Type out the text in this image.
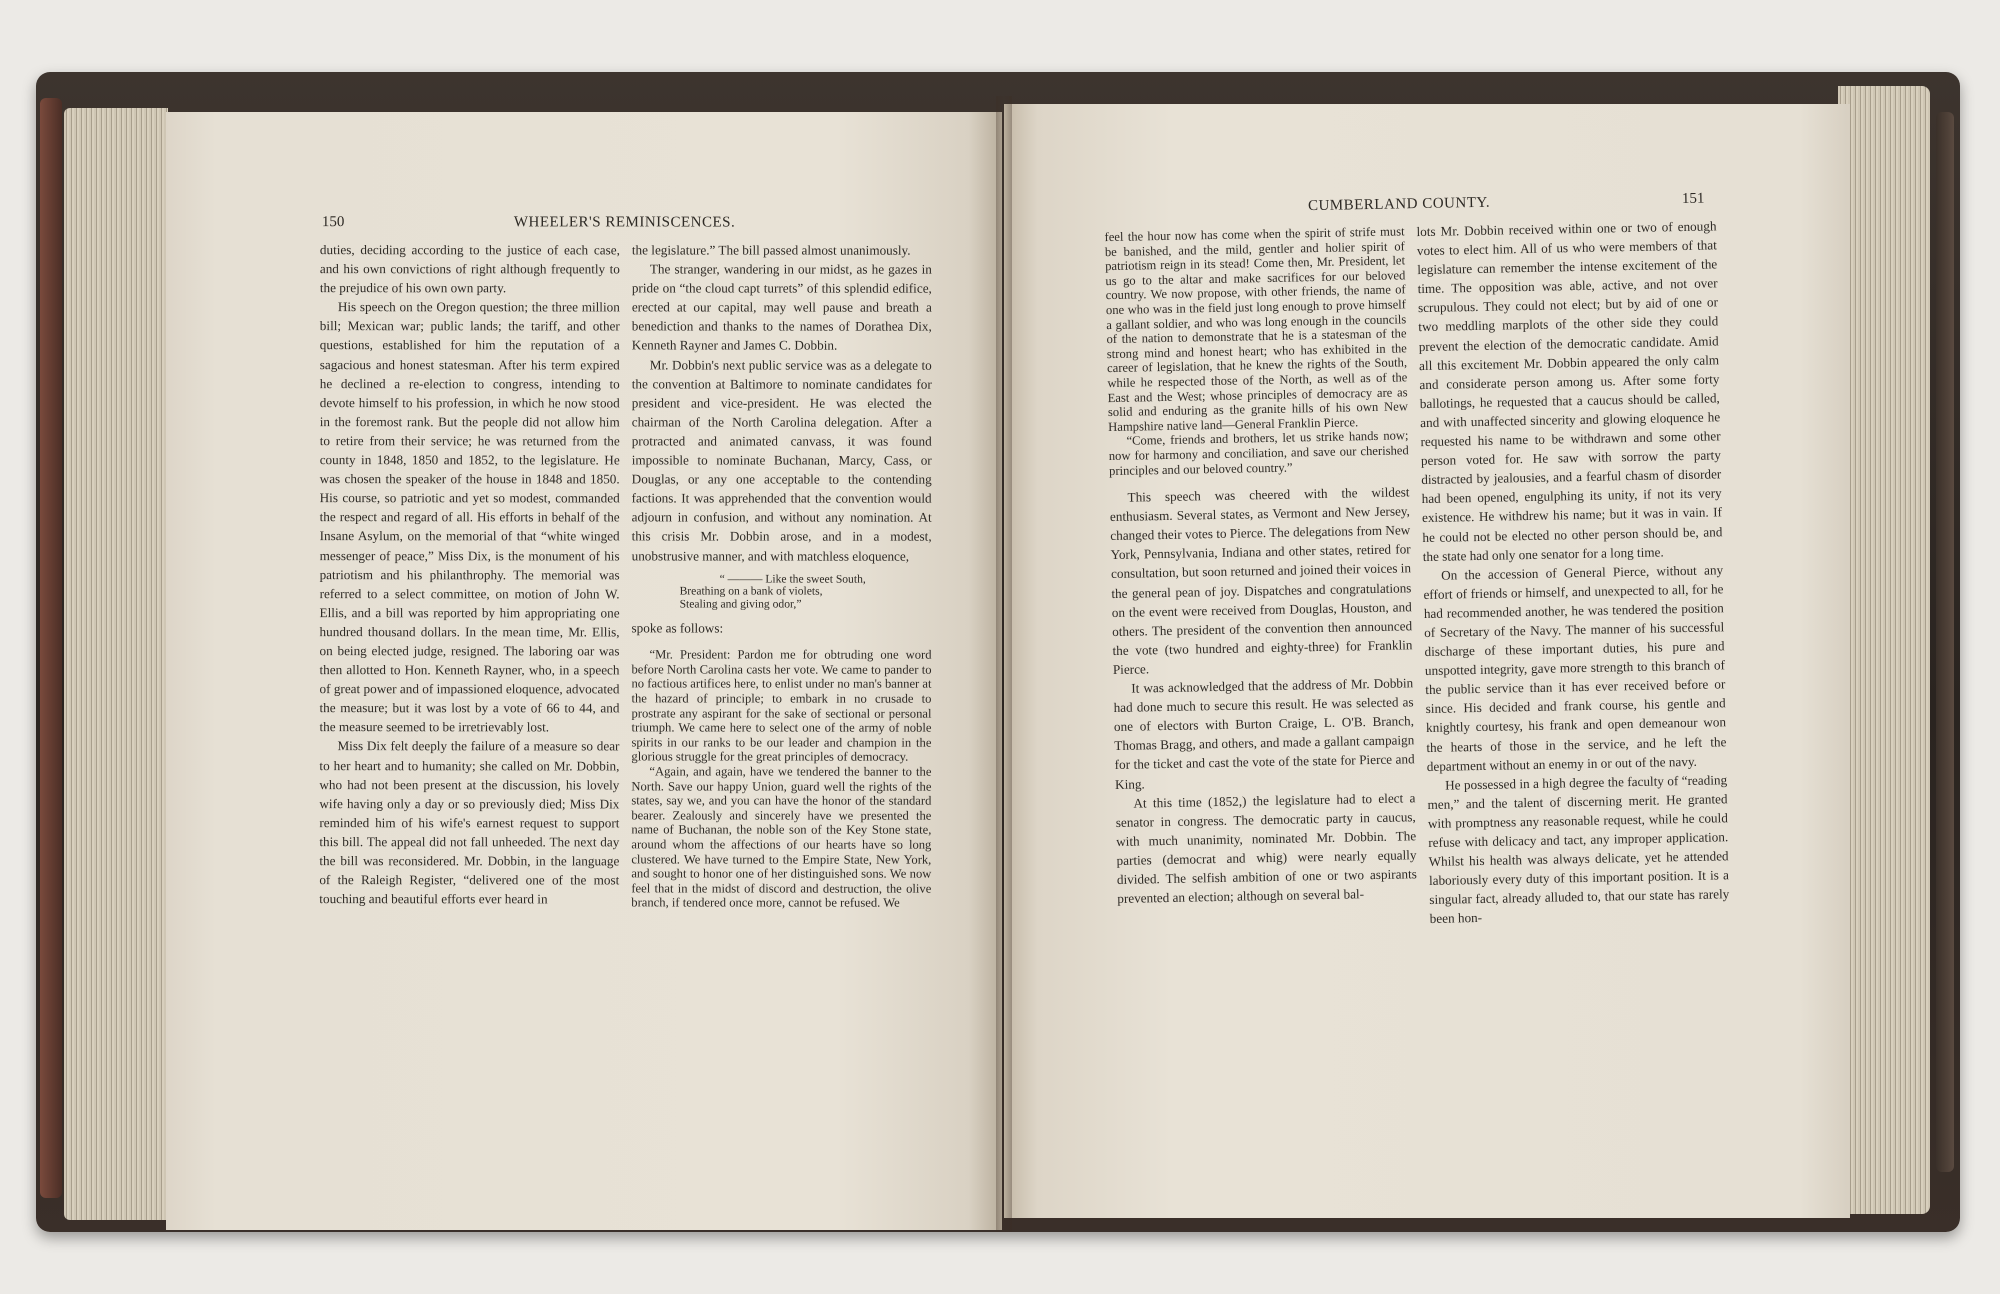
150	WHEELER'S REMINISCENCES.

duties, deciding according to the justice of each case, and his own convictions of right although frequently to the prejudice of his own own party.

His speech on the Oregon question; the three million bill; Mexican war; public lands; the tariff, and other questions, established for him the reputation of a sagacious and honest statesman. After his term expired he declined a re-election to congress, intending to devote himself to his profession, in which he now stood in the foremost rank. But the people did not allow him to retire from their service; he was returned from the county in 1848, 1850 and 1852, to the legislature. He was chosen the speaker of the house in 1848 and 1850. His course, so patriotic and yet so modest, commanded the respect and regard of all. His efforts in behalf of the Insane Asylum, on the memorial of that “white winged messenger of peace,” Miss Dix, is the monument of his patriotism and his philanthrophy. The memorial was referred to a select committee, on motion of John W. Ellis, and a bill was reported by him appropriating one hundred thousand dollars. In the mean time, Mr. Ellis, on being elected judge, resigned. The laboring oar was then allotted to Hon. Kenneth Rayner, who, in a speech of great power and of impassioned eloquence, advocated the measure; but it was lost by a vote of 66 to 44, and the measure seemed to be irretrievably lost.

Miss Dix felt deeply the failure of a measure so dear to her heart and to humanity; she called on Mr. Dobbin, who had not been present at the discussion, his lovely wife having only a day or so previously died; Miss Dix reminded him of his wife's earnest request to support this bill. The appeal did not fall unheeded. The next day the bill was reconsidered. Mr. Dobbin, in the language of the Raleigh Register, “delivered one of the most touching and beautiful efforts ever heard in

the legislature.” The bill passed almost unanimously.

The stranger, wandering in our midst, as he gazes in pride on “the cloud capt turrets” of this splendid edifice, erected at our capital, may well pause and breath a benediction and thanks to the names of Dorathea Dix, Kenneth Rayner and James C. Dobbin.

Mr. Dobbin's next public service was as a delegate to the convention at Baltimore to nominate candidates for president and vice-president. He was elected the chairman of the North Carolina delegation. After a protracted and animated canvass, it was found impossible to nominate Buchanan, Marcy, Cass, or Douglas, or any one acceptable to the contending factions. It was apprehended that the convention would adjourn in confusion, and without any nomination. At this crisis Mr. Dobbin arose, and in a modest, unobstrusive manner, and with matchless eloquence,

“ ——— Like the sweet South,
Breathing on a bank of violets,
Stealing and giving odor,”

spoke as follows:

“Mr. President: Pardon me for obtruding one word before North Carolina casts her vote. We came to pander to no factious artifices here, to enlist under no man's banner at the hazard of principle; to embark in no crusade to prostrate any aspirant for the sake of sectional or personal triumph. We came here to select one of the army of noble spirits in our ranks to be our leader and champion in the glorious struggle for the great principles of democracy.

“Again, and again, have we tendered the banner to the North. Save our happy Union, guard well the rights of the states, say we, and you can have the honor of the standard bearer. Zealously and sincerely have we presented the name of Buchanan, the noble son of the Key Stone state, around whom the affections of our hearts have so long clustered. We have turned to the Empire State, New York, and sought to honor one of her distinguished sons. We now feel that in the midst of discord and destruction, the olive branch, if tendered once more, cannot be refused. We

CUMBERLAND COUNTY.	151

feel the hour now has come when the spirit of strife must be banished, and the mild, gentler and holier spirit of patriotism reign in its stead! Come then, Mr. President, let us go to the altar and make sacrifices for our beloved country. We now propose, with other friends, the name of one who was in the field just long enough to prove himself a gallant soldier, and who was long enough in the councils of the nation to demonstrate that he is a statesman of the strong mind and honest heart; who has exhibited in the career of legislation, that he knew the rights of the South, while he respected those of the North, as well as of the East and the West; whose principles of democracy are as solid and enduring as the granite hills of his own New Hampshire native land—General Franklin Pierce.

“Come, friends and brothers, let us strike hands now; now for harmony and conciliation, and save our cherished principles and our beloved country.”

This speech was cheered with the wildest enthusiasm. Several states, as Vermont and New Jersey, changed their votes to Pierce. The delegations from New York, Pennsylvania, Indiana and other states, retired for consultation, but soon returned and joined their voices in the general pean of joy. Dispatches and congratulations on the event were received from Douglas, Houston, and others. The president of the convention then announced the vote (two hundred and eighty-three) for Franklin Pierce.

It was acknowledged that the address of Mr. Dobbin had done much to secure this result. He was selected as one of electors with Burton Craige, L. O'B. Branch, Thomas Bragg, and others, and made a gallant campaign for the ticket and cast the vote of the state for Pierce and King.

At this time (1852,) the legislature had to elect a senator in congress. The democratic party in caucus, with much unanimity, nominated Mr. Dobbin. The parties (democrat and whig) were nearly equally divided. The selfish ambition of one or two aspirants prevented an election; although on several bal-

lots Mr. Dobbin received within one or two of enough votes to elect him. All of us who were members of that legislature can remember the intense excitement of the time. The opposition was able, active, and not over scrupulous. They could not elect; but by aid of one or two meddling marplots of the other side they could prevent the election of the democratic candidate. Amid all this excitement Mr. Dobbin appeared the only calm and considerate person among us. After some forty ballotings, he requested that a caucus should be called, and with unaffected sincerity and glowing eloquence he requested his name to be withdrawn and some other person voted for. He saw with sorrow the party distracted by jealousies, and a fearful chasm of disorder had been opened, engulphing its unity, if not its very existence. He withdrew his name; but it was in vain. If he could not be elected no other person should be, and the state had only one senator for a long time.

On the accession of General Pierce, without any effort of friends or himself, and unexpected to all, for he had recommended another, he was tendered the position of Secretary of the Navy. The manner of his successful discharge of these important duties, his pure and unspotted integrity, gave more strength to this branch of the public service than it has ever received before or since. His decided and frank course, his gentle and knightly courtesy, his frank and open demeanour won the hearts of those in the service, and he left the department without an enemy in or out of the navy.

He possessed in a high degree the faculty of “reading men,” and the talent of discerning merit. He granted with promptness any reasonable request, while he could refuse with delicacy and tact, any improper application. Whilst his health was always delicate, yet he attended laboriously every duty of this important position. It is a singular fact, already alluded to, that our state has rarely been hon-
